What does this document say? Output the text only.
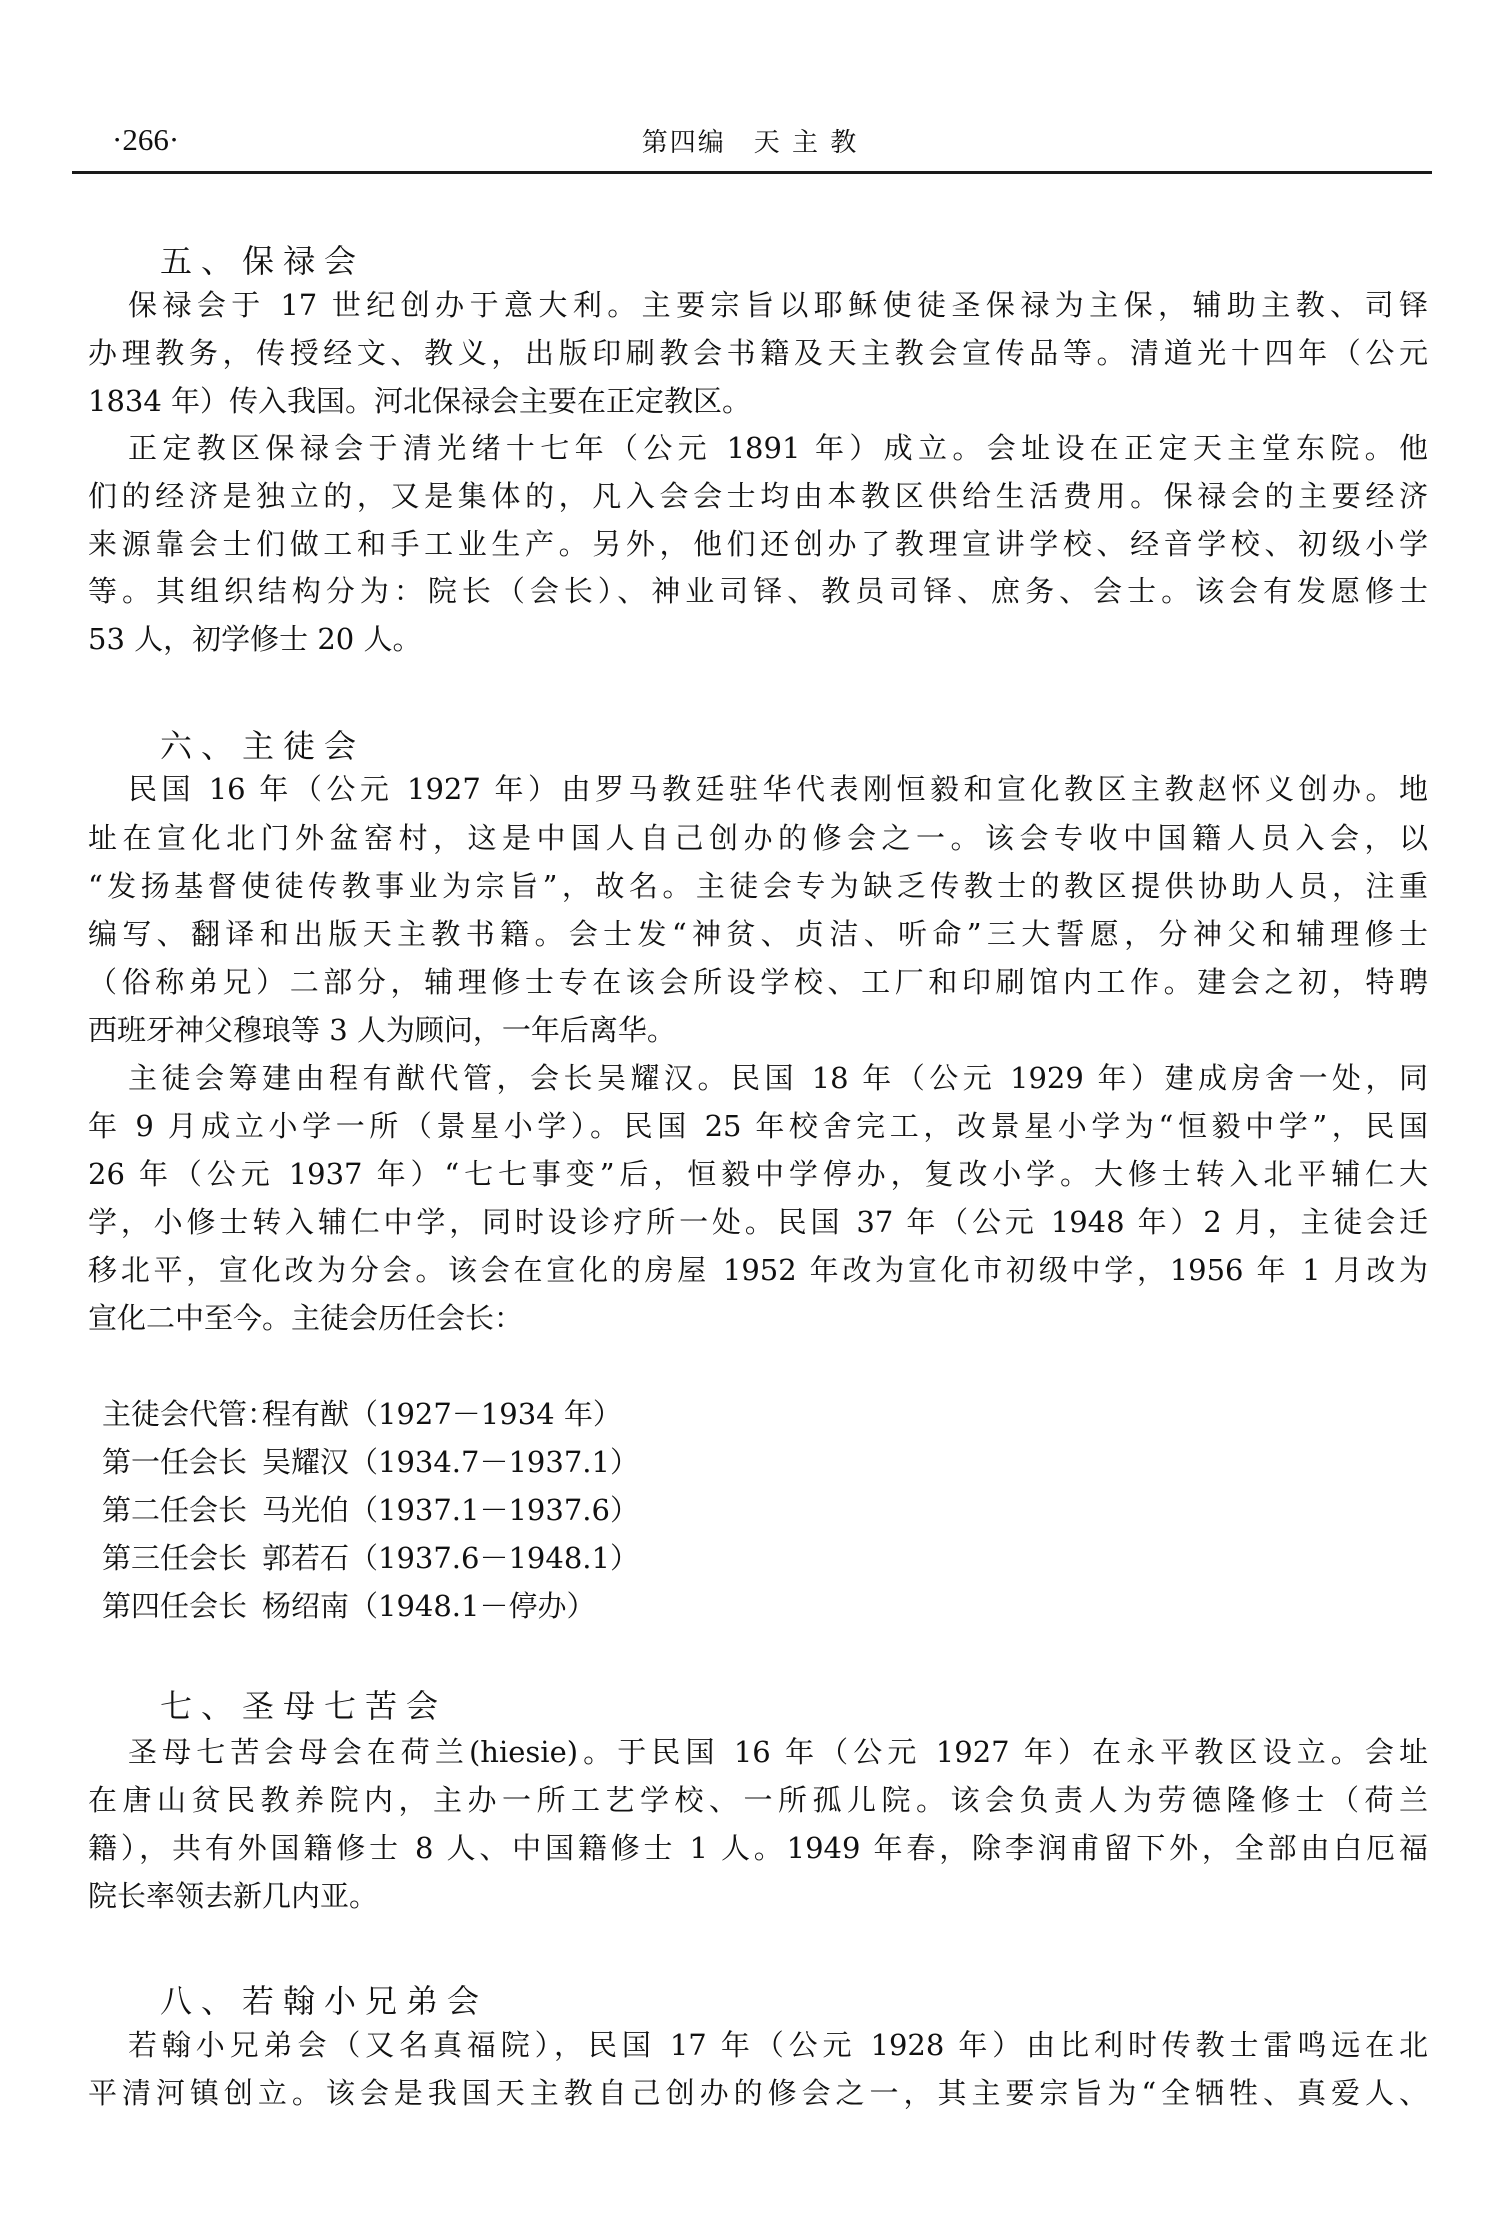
·266·	第四编　天 主 教
五、保禄会
保禄会于 17 世纪创办于意大利。主要宗旨以耶稣使徒圣保禄为主保，辅助主教、司铎
办理教务，传授经文、教义，出版印刷教会书籍及天主教会宣传品等。清道光十四年（公元
1834 年）传入我国。河北保禄会主要在正定教区。
正定教区保禄会于清光绪十七年（公元 1891 年）成立。会址设在正定天主堂东院。他
们的经济是独立的，又是集体的，凡入会会士均由本教区供给生活费用。保禄会的主要经济
来源靠会士们做工和手工业生产。另外，他们还创办了教理宣讲学校、经音学校、初级小学
等。其组织结构分为：院长（会长）、神业司铎、教员司铎、庶务、会士。该会有发愿修士
53 人，初学修士 20 人。
六、主徒会
民国 16 年（公元 1927 年）由罗马教廷驻华代表刚恒毅和宣化教区主教赵怀义创办。地
址在宣化北门外盆窑村，这是中国人自己创办的修会之一。该会专收中国籍人员入会，以
“发扬基督使徒传教事业为宗旨”，故名。主徒会专为缺乏传教士的教区提供协助人员，注重
编写、翻译和出版天主教书籍。会士发“神贫、贞洁、听命”三大誓愿，分神父和辅理修士
（俗称弟兄）二部分，辅理修士专在该会所设学校、工厂和印刷馆内工作。建会之初，特聘
西班牙神父穆琅等 3 人为顾问，一年后离华。
主徒会筹建由程有猷代管，会长吴耀汉。民国 18 年（公元 1929 年）建成房舍一处，同
年 9 月成立小学一所（景星小学）。民国 25 年校舍完工，改景星小学为“恒毅中学”，民国
26 年（公元 1937 年）“七七事变”后，恒毅中学停办，复改小学。大修士转入北平辅仁大
学，小修士转入辅仁中学，同时设诊疗所一处。民国 37 年（公元 1948 年）2 月，主徒会迁
移北平，宣化改为分会。该会在宣化的房屋 1952 年改为宣化市初级中学，1956 年 1 月改为
宣化二中至今。主徒会历任会长：
主徒会代管：
程有猷（1927－1934 年）
第一任会长 吴耀汉（1934.7－1937.1）
第二任会长 马光伯（1937.1－1937.6）
第三任会长 郭若石（1937.6－1948.1）
第四任会长 杨绍南（1948.1－停办）
七、圣母七苦会
圣母七苦会母会在荷兰(hiesie)。于民国 16 年（公元 1927 年）在永平教区设立。会址
在唐山贫民教养院内，主办一所工艺学校、一所孤儿院。该会负责人为劳德隆修士（荷兰
籍），共有外国籍修士 8 人、中国籍修士 1 人。1949 年春，除李润甫留下外，全部由白厄福
院长率领去新几内亚。
八、若翰小兄弟会
若翰小兄弟会（又名真福院），民国 17 年（公元 1928 年）由比利时传教士雷鸣远在北
平清河镇创立。该会是我国天主教自己创办的修会之一，其主要宗旨为“全牺牲、真爱人、
